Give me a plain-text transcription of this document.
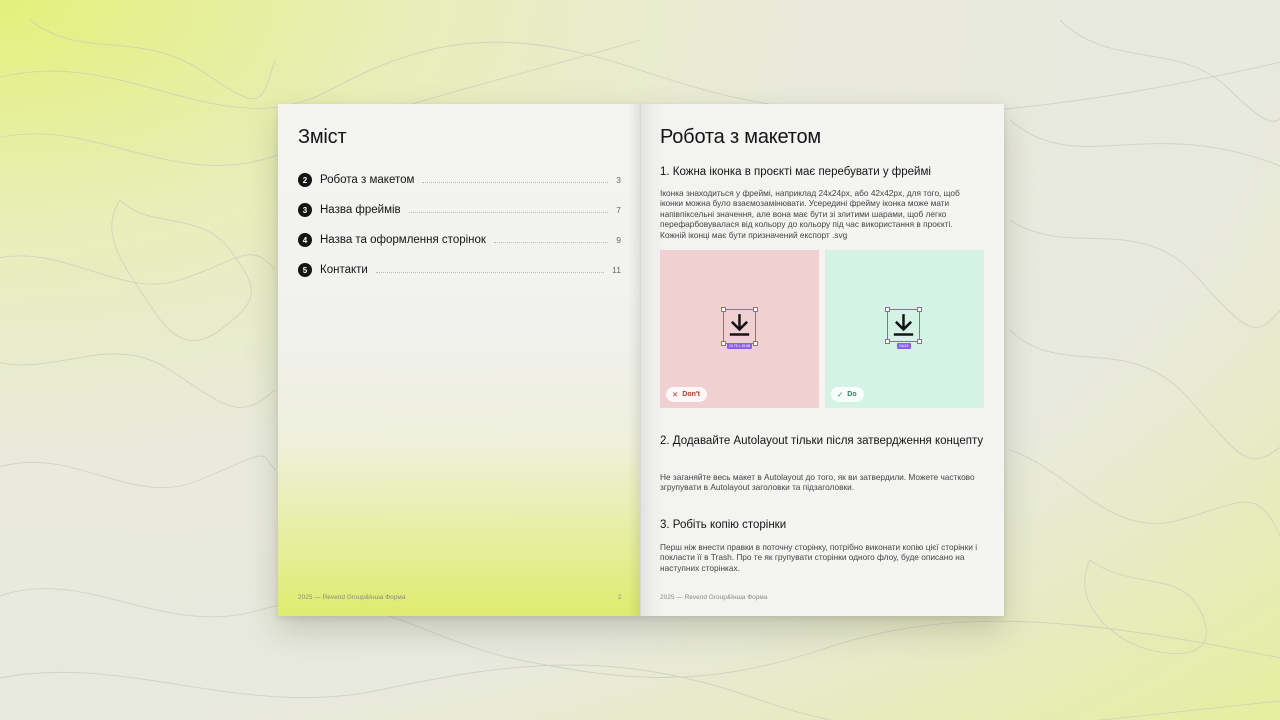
Зміст
2	Робота з макетом	3
3	Назва фреймів	7
4	Назва та оформлення сторінок	9
5	Контакти	11
2025 — Revend Group&Інша Форма	2
Робота з макетом
1. Кожна іконка в проєкті має перебувати у фреймі

Іконка знаходиться у фреймі, наприклад 24x24px, або 42x42px, для того, щоб іконки можна було взаємозамінювати. Усередині фрейму іконка може мати напівпіксельні значення, але вона має бути зі злитими шарами, щоб легко перефарбовувалася від кольору до кольору під час використання в проєкті. Кожній іконці має бути призначений експорт .svg

23.75 x 25.68
✕ Don't
24x24
✓ Do
2. Додавайте Autolayout тільки після затвердження концепту

Не заганяйте весь макет в Autolayout до того, як ви затвердили. Можете частково згрупувати в Autolayout заголовки та підзаголовки.

3. Робіть копію сторінки

Перш ніж внести правки в поточну сторінку, потрібно виконати копію цієї сторінки і покласти її в Trash. Про те як групувати сторінки одного флоу, буде описано на наступних сторінках.

2025 — Revend Group&Інша Форма
